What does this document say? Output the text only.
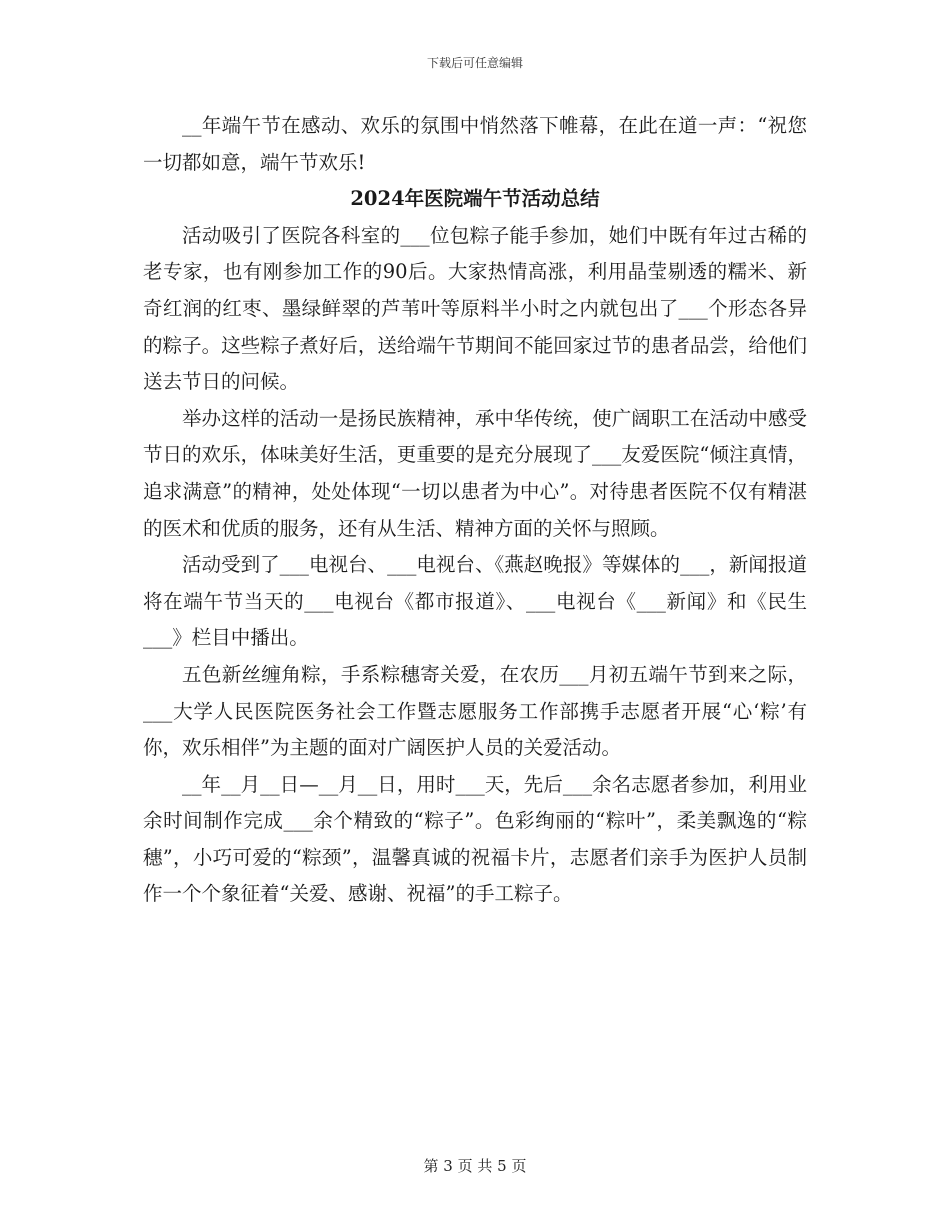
下载后可任意编辑

__年端午节在感动、欢乐的氛围中悄然落下帷幕，在此在道一声：“祝您一切都如意，端午节欢乐!

2024年医院端午节活动总结

活动吸引了医院各科室的___位包粽子能手参加，她们中既有年过古稀的老专家，也有刚参加工作的90后。大家热情高涨，利用晶莹剔透的糯米、新奇红润的红枣、墨绿鲜翠的芦苇叶等原料半小时之内就包出了___个形态各异的粽子。这些粽子煮好后，送给端午节期间不能回家过节的患者品尝，给他们送去节日的问候。

举办这样的活动一是扬民族精神，承中华传统，使广阔职工在活动中感受节日的欢乐，体味美好生活，更重要的是充分展现了___友爱医院“倾注真情，追求满意”的精神，处处体现“一切以患者为中心”。对待患者医院不仅有精湛的医术和优质的服务，还有从生活、精神方面的关怀与照顾。

活动受到了___电视台、___电视台、《燕赵晚报》等媒体的___，新闻报道将在端午节当天的___电视台《都市报道》、___电视台《___新闻》和《民生___》栏目中播出。

五色新丝缠角粽，手系粽穗寄关爱，在农历___月初五端午节到来之际，___大学人民医院医务社会工作暨志愿服务工作部携手志愿者开展“心‘粽’有你，欢乐相伴”为主题的面对广阔医护人员的关爱活动。

__年__月__日—__月__日，用时___天，先后___余名志愿者参加，利用业余时间制作完成___余个精致的“粽子”。色彩绚丽的“粽叶”，柔美飘逸的“粽穗”，小巧可爱的“粽颈”，温馨真诚的祝福卡片，志愿者们亲手为医护人员制作一个个象征着“关爱、感谢、祝福”的手工粽子。

第 3 页 共 5 页
